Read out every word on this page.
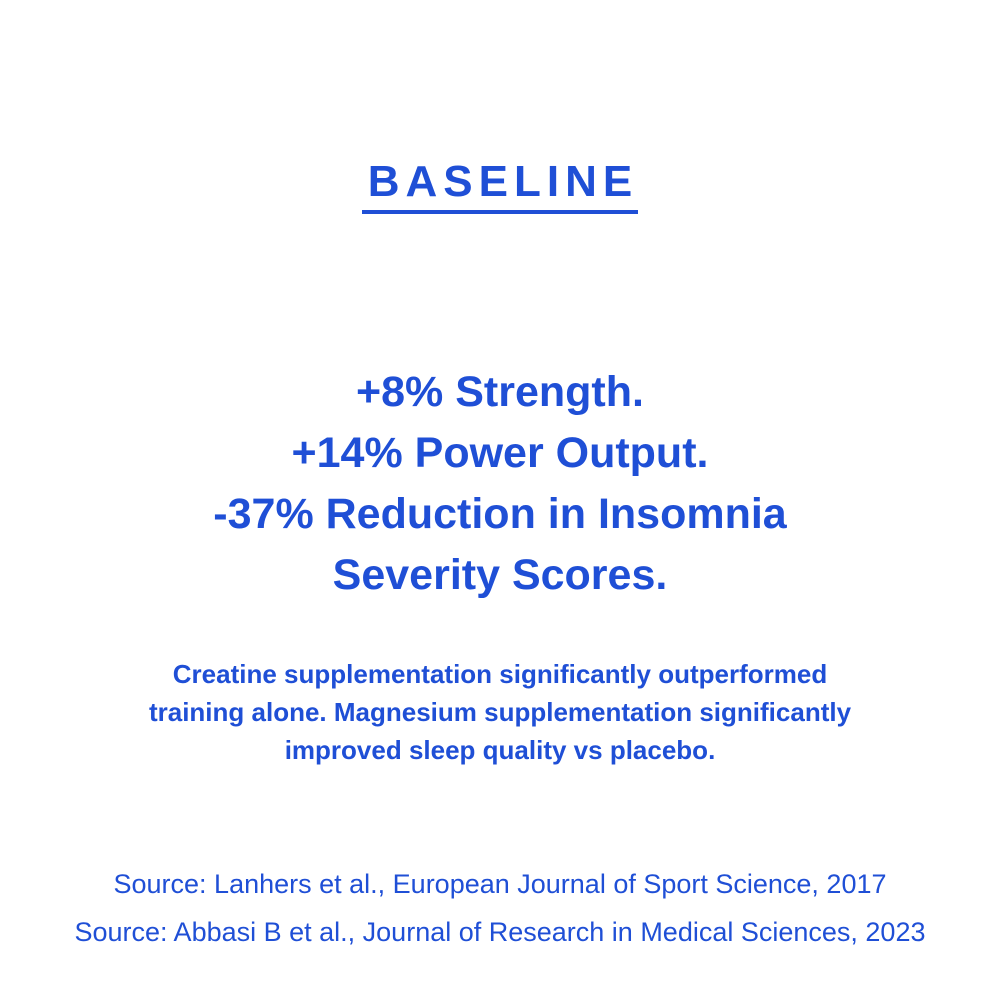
BASELINE
+8% Strength.
+14% Power Output.
-37% Reduction in Insomnia
Severity Scores.
Creatine supplementation significantly outperformed
training alone. Magnesium supplementation significantly
improved sleep quality vs placebo.
Source: Lanhers et al., European Journal of Sport Science, 2017
Source: Abbasi B et al., Journal of Research in Medical Sciences, 2023
